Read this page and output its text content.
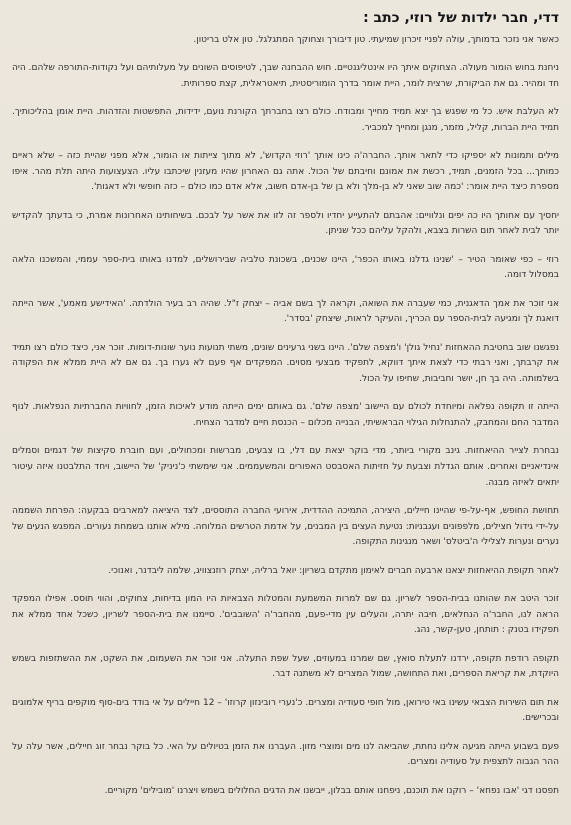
דדי, חבר ילדות של רוזי, כתב :

כאשר אני נזכר בדמותך, עולה לפניי זיכרון שמיעתי. טון דיבורך וצחוקך המתגלגל. טון אלט בריטון.

ניחנת בחוש הומור מעולה. הצחוקים איתך היו אינטליגנטיים. חוש ההבחנה שבך, לטיפוסים השונים על מעלותיהם ועל נקודות-התורפה שלהם. היה חד ומהיר. גם את הביקורת, שרצית לומר, היית אומר בדרך הומוריסטית, תיאטראלית, קצת ספרותית.

לא העלבת איש. כל מי שפגש בך יצא תמיד מחייך ומבודח. כולם רצו בחברתך הקורנת נועם, ידידות, התפשטות והזדהות. היית אומן בהליכותיך. תמיד היית הברות, קליל, מזמר, מנגן ומחייך למכביר.

מילים ותמונות לא יספיקו כדי לתאר אותך. החברה'ה כינו אותך 'רוזי הקדוש', לא מתוך צייתות או הומור, אלא מפני שהיית כזה – שלא ראיים כמותך... בכל הזמנים, תמיד, רכשת את אמונם וחיבתם של הכול. אתה גם האחרון שהיו מעזנין שיכתבו עליו. הצעצועות היתה תלת מהר. איפו מספרת כיצד היית אומר: 'כמה שוב שאני לא בן-מלך ולא בן של בן-אדם חשוב, אלא אדם כמו כולם – כזה חופשי ולא דאגות'.

יחסיך עם אחותך היו כה יפים ונלוויים: אהבתם להתעייע יחדיו ולספר זה לזו את אשר על לבכם. בשיחותינו האחרונות אמרת, כי בדעתך להקדיש יותר לבית לאחר תום השרות בצבא, ולהקל עליהם ככל שניתן.

רוזי – כפי שאומר הטיר – 'שנינו גדלנו באותו הכפר', היינו שכנים, בשכונת טלביה שבירושלים, למדנו באותו בית-ספר עממי, והמשכנו הלאה במסלול דומה.

אני זוכר את אמך הדאגנית, כמי שעברה את השואה, וקראה לך בשם אביה – יצחק ז"ל. שהיה רב בעיר הולדתה. 'האידישע מאמע', אשר הייתה דואגת לך ומגיעה לבית-הספר עם הכריך, והעיקר לראות, שיצחק 'בסדר'.

נפגשנו שוב בחטיבת ההאחזות 'נחיל גולן' ו'מצפה שלם'. היינו בשני גרעינים שונים, משתי תנועות נוער שונות-דומות. זוכר אני, כיצד כולם רצו תמיד את קרבתך, ואני רבתי כדי לצאת איתך דווקא, לתפקיד מבצעי מסוים. המפקדים אף פעם לא גערו בך. גם אם לא היית ממלא את הפקודה בשלמותה. היה בך חן, יושר וחביבות, שחיפו על הכול.

הייתה זו תקופה נפלאה ומיוחדת לכולם עם היישוב 'מצפה שלם'. גם באותם ימים הייתה מודע לאיכות הזמן, לחוויות החברתיות הנפלאות. לנוף המדבר החם והמחבק, להתנחלות הגילוי הבראשיתי, הבנייה מכלום – הכנסת חיים למדבר הצחיח.

נבחרת לצייר ההיאחזות. גינב מקורי ביותר, מדי בוקר יצאת עם דלי, בו צבעים, מברשות ומכחולים, ועם חוברת סקיצות של דגמים וסמלים אינדיאניים ואחרים. אותם הגדלת וצבעת על חזיתות האסבסט האפורים והמשעממים. אני שימשתי כ'ניניק' של היישוב, ויחד התלבטנו איזה עיטור יתאים לאיזה מבנה.

תחושת החופש, אף-על-פי שהיינו חיילים, היצירה, התמיכה ההדדית, אירועי החברה התוססים, לצד היציאה למארבים בבקעה: הפרחת השממה על-ידי גידול חצילים, מלפפונים ועגבניות: נטיעת העצים בין המבנים, על אדמת הטרשים המלוחה. מילא אותנו בשמחת נעורים. המפגש הנעים של נערים ונערות לצלילי ה'ביטלס' ושאר מנגינות התקופה.

לאחר תקופת ההיאחזות יצאנו ארבעה חברים לאימון מתקדם בשריון: יואל ברליה, יצחק רוזנצוויג, שלמה ליבדנר, ואנוכי.

זוכר היטב את שהותנו בבית-הספר לשריון. גם שם למרות המשמעת והמטלות הצבאיות היו המון בדיחות, צחוקים, והווי תוסס. אפילו המפקד הראה לנו, החבר'ה הנחלאים, חיבה יתרה, והעלים עין מדי-פעם, מהחבר'ה 'השובבים'. סיימנו את בית-הספר לשריון, כשכל אחד ממלא את תפקידו בטנק : תותחן, טען-קשר, נהג.

תקופה רודפת תקופה, ירדנו לתעלת סואץ, שם שמרנו במעוזים, שעל שפת התעלה. אני זוכר את השעמום, את השקט, את ההשתזפות בשמש היוקדת, את קריאת הספרים, ואת התחושה, שמול המצרים לא משתנה דבר.

את תום השירות הצבאי עשינו באי טירואן, מול חופי סעודיה ומצרים. כ'נערי רובינזון קרוזו' – 12 חיילים על אי בודד בים-סוף מוקפים בריף אלמוגים ובכרישים.

פעם בשבוע הייתה מגיעה אלינו נחתת, שהביאה לנו מים ומוצרי מזון. העברנו את הזמן בטיולים על האי. כל בוקר נבחר זוג חיילים, אשר עלה על ההר הגבוה לתצפית על סעודיה ומצרים.

תפסנו דגי 'אבו נפחא' – רוקנו את תוכנם, ניפחנו אותם בבלון, ייבשנו את הדגים החלולים בשמש ויצרנו 'מובילים' מקוריים.
